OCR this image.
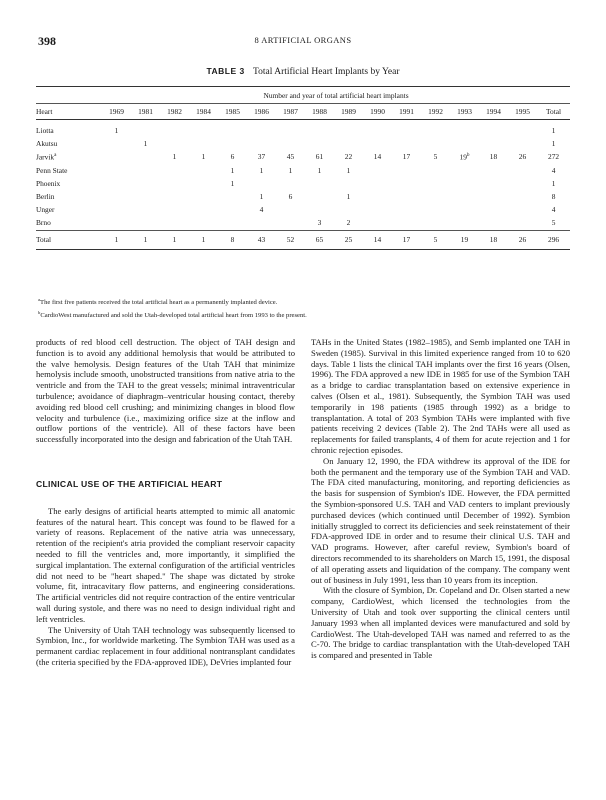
398	8 ARTIFICIAL ORGANS
TABLE 3 Total Artificial Heart Implants by Year
	Number and year of total artificial heart implants															
Heart	1969	1981	1982	1984	1985	1986	1987	1988	1989	1990	1991	1992	1993	1994	1995	Total
Liotta	1															1
Akutsu		1														1
Jarvik$^a$			1	1	6	37	45	61	22	14	17	5	19$^b$	18	26	272
Penn State					1	1	1	1	1							4
Phoenix					1											1
Berlin						1	6		1							8
Unger						4										4
Brno								3	2							5
Total	1	1	1	1	8	43	52	65	25	14	17	5	19	18	26	296
$^a$The first five patients received the total artificial heart as a permanently implanted device.
$^b$CardioWest manufactured and sold the Utah-developed total artificial heart from 1993 to the present.

products of red blood cell destruction. The object of TAH design and function is to avoid any additional hemolysis that would be attributed to the valve hemolysis. Design features of the Utah TAH that minimize hemolysis include smooth, unobstructed transitions from native atria to the ventricle and from the TAH to the great vessels; minimal intraventricular turbulence; avoidance of diaphragm–ventricular housing contact, thereby avoiding red blood cell crushing; and minimizing changes in blood flow velocity and turbulence (i.e., maximizing orifice size at the inflow and outflow portions of the ventricle). All of these factors have been successfully incorporated into the design and fabrication of the Utah TAH.

CLINICAL USE OF THE ARTIFICIAL HEART

The early designs of artificial hearts attempted to mimic all anatomic features of the natural heart. This concept was found to be flawed for a variety of reasons. Replacement of the native atria was unnecessary, retention of the recipient's atria provided the compliant reservoir capacity needed to fill the ventricles and, more importantly, it simplified the surgical implantation. The external configuration of the artificial ventricles did not need to be "heart shaped." The shape was dictated by stroke volume, fit, intracavitary flow patterns, and engineering considerations. The artificial ventricles did not require contraction of the entire ventricular wall during systole, and there was no need to design individual right and left ventricles.

The University of Utah TAH technology was subsequently licensed to Symbion, Inc., for worldwide marketing. The Symbion TAH was used as a permanent cardiac replacement in four additional nontransplant candidates (the criteria specified by the FDA-approved IDE), DeVries implanted four

TAHs in the United States (1982–1985), and Semb implanted one TAH in Sweden (1985). Survival in this limited experience ranged from 10 to 620 days. Table 1 lists the clinical TAH implants over the first 16 years (Olsen, 1996). The FDA approved a new IDE in 1985 for use of the Symbion TAH as a bridge to cardiac transplantation based on extensive experience in calves (Olsen et al., 1981). Subsequently, the Symbion TAH was used temporarily in 198 patients (1985 through 1992) as a bridge to transplantation. A total of 203 Symbion TAHs were implanted with five patients receiving 2 devices (Table 2). The 2nd TAHs were all used as replacements for failed transplants, 4 of them for acute rejection and 1 for chronic rejection episodes.

On January 12, 1990, the FDA withdrew its approval of the IDE for both the permanent and the temporary use of the Symbion TAH and VAD. The FDA cited manufacturing, monitoring, and reporting deficiencies as the basis for suspension of Symbion's IDE. However, the FDA permitted the Symbion-sponsored U.S. TAH and VAD centers to implant previously purchased devices (which continued until December of 1992). Symbion initially struggled to correct its deficiencies and seek reinstatement of their FDA-approved IDE in order and to resume their clinical U.S. TAH and VAD programs. However, after careful review, Symbion's board of directors recommended to its shareholders on March 15, 1991, the disposal of all operating assets and liquidation of the company. The company went out of business in July 1991, less than 10 years from its inception.

With the closure of Symbion, Dr. Copeland and Dr. Olsen started a new company, CardioWest, which licensed the technologies from the University of Utah and took over supporting the clinical centers until January 1993 when all implanted devices were manufactured and sold by CardioWest. The Utah-developed TAH was named and referred to as the C-70. The bridge to cardiac transplantation with the Utah-developed TAH is compared and presented in Table
